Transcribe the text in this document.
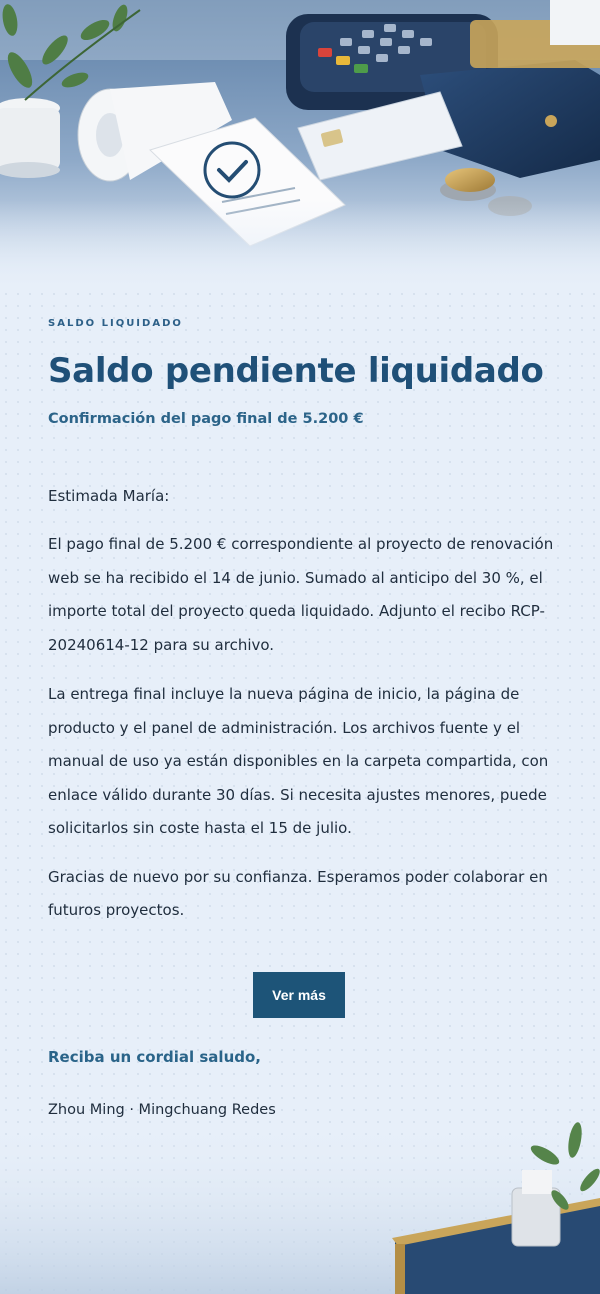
SALDO LIQUIDADO

Saldo pendiente liquidado

Confirmación del pago final de 5.200 €

Estimada María:

El pago final de 5.200 € correspondiente al proyecto de renovación web se ha recibido el 14 de junio. Sumado al anticipo del 30 %, el importe total del proyecto queda liquidado. Adjunto el recibo RCP-20240614-12 para su archivo.

La entrega final incluye la nueva página de inicio, la página de producto y el panel de administración. Los archivos fuente y el manual de uso ya están disponibles en la carpeta compartida, con enlace válido durante 30 días. Si necesita ajustes menores, puede solicitarlos sin coste hasta el 15 de julio.

Gracias de nuevo por su confianza. Esperamos poder colaborar en futuros proyectos.

Ver más

Reciba un cordial saludo,

Zhou Ming · Mingchuang Redes
